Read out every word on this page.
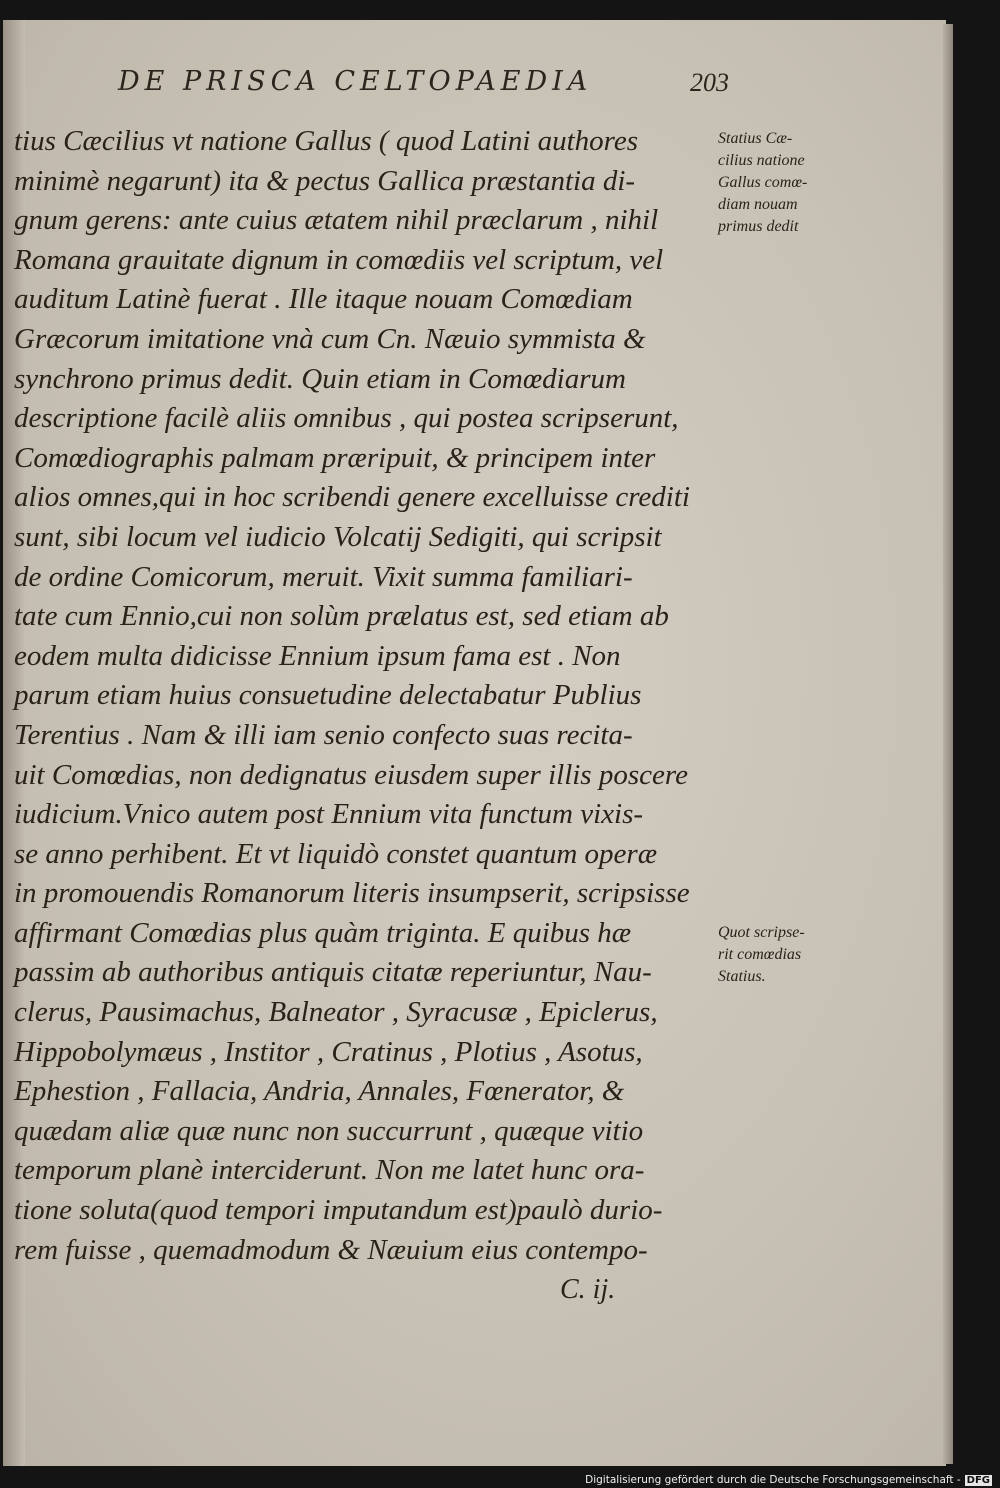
DE PRISCA CELTOPAEDIA	203
tius Cæcilius vt natione Gallus ( quod Latini authores
minimè negarunt) ita & pectus Gallica præstantia di-
gnum gerens: ante cuius ætatem nihil præclarum , nihil
Romana grauitate dignum in comœdiis vel scriptum, vel
auditum Latinè fuerat . Ille itaque nouam Comœdiam
Græcorum imitatione vnà cum Cn. Næuio symmista &
synchrono primus dedit. Quin etiam in Comœdiarum
descriptione facilè aliis omnibus , qui postea scripserunt,
Comœdiographis palmam præripuit, & principem inter
alios omnes,qui in hoc scribendi genere excelluisse crediti
sunt, sibi locum vel iudicio Volcatij Sedigiti, qui scripsit
de ordine Comicorum, meruit. Vixit summa familiari-
tate cum Ennio,cui non solùm prælatus est, sed etiam ab
eodem multa didicisse Ennium ipsum fama est . Non
parum etiam huius consuetudine delectabatur Publius
Terentius . Nam & illi iam senio confecto suas recita-
uit Comœdias, non dedignatus eiusdem super illis poscere
iudicium.Vnico autem post Ennium vita functum vixis-
se anno perhibent. Et vt liquidò constet quantum operæ
in promouendis Romanorum literis insumpserit, scripsisse
affirmant Comœdias plus quàm triginta. E quibus hæ
passim ab authoribus antiquis citatæ reperiuntur, Nau-
clerus, Pausimachus, Balneator , Syracusæ , Epiclerus,
Hippobolymæus , Institor , Cratinus , Plotius , Asotus,
Ephestion , Fallacia, Andria, Annales, Fœnerator, &
quædam aliæ quæ nunc non succurrunt , quæque vitio
temporum planè interciderunt. Non me latet hunc ora-
tione soluta(quod tempori imputandum est)paulò durio-
rem fuisse , quemadmodum & Næuium eius contempo-
Statius Cæ-
cilius natione
Gallus comœ-
diam nouam
primus dedit
Quot scripse-
rit comœdias
Statius.
C. ij.
Digitalisierung gefördert durch die Deutsche Forschungsgemeinschaft - DFG
